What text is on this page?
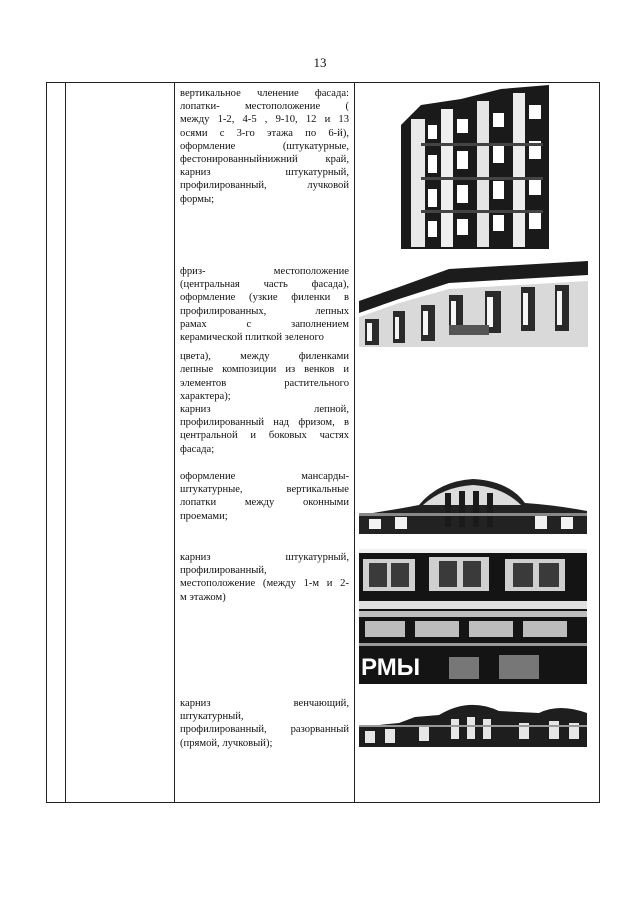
13
вертикальное членение фасада:
лопатки- местоположение (
между 1-2, 4-5 , 9-10, 12 и 13
осями с 3-го этажа по 6-й),
оформление (штукатурные,
фестонированныйнижний край,
карниз штукатурный,
профилированный, лучковой
формы;
фриз- местоположение
(центральная часть фасада),
оформление (узкие филенки в
профилированных, лепных
рамах с заполнением
керамической плиткой зеленого
цвета), между филенками
лепные композиции из венков и
элементов растительного
характера);
карниз лепной,
профилированный над фризом, в
центральной и боковых частях
фасада;
оформление мансарды-
штукатурные, вертикальные
лопатки между оконными
проемами;
карниз штукатурный,
профилированный,
местоположение (между 1-м и 2-
м этажом)
карниз венчающий,
штукатурный,
профилированный, разорванный
(прямой, лучковый);
РМЫ
